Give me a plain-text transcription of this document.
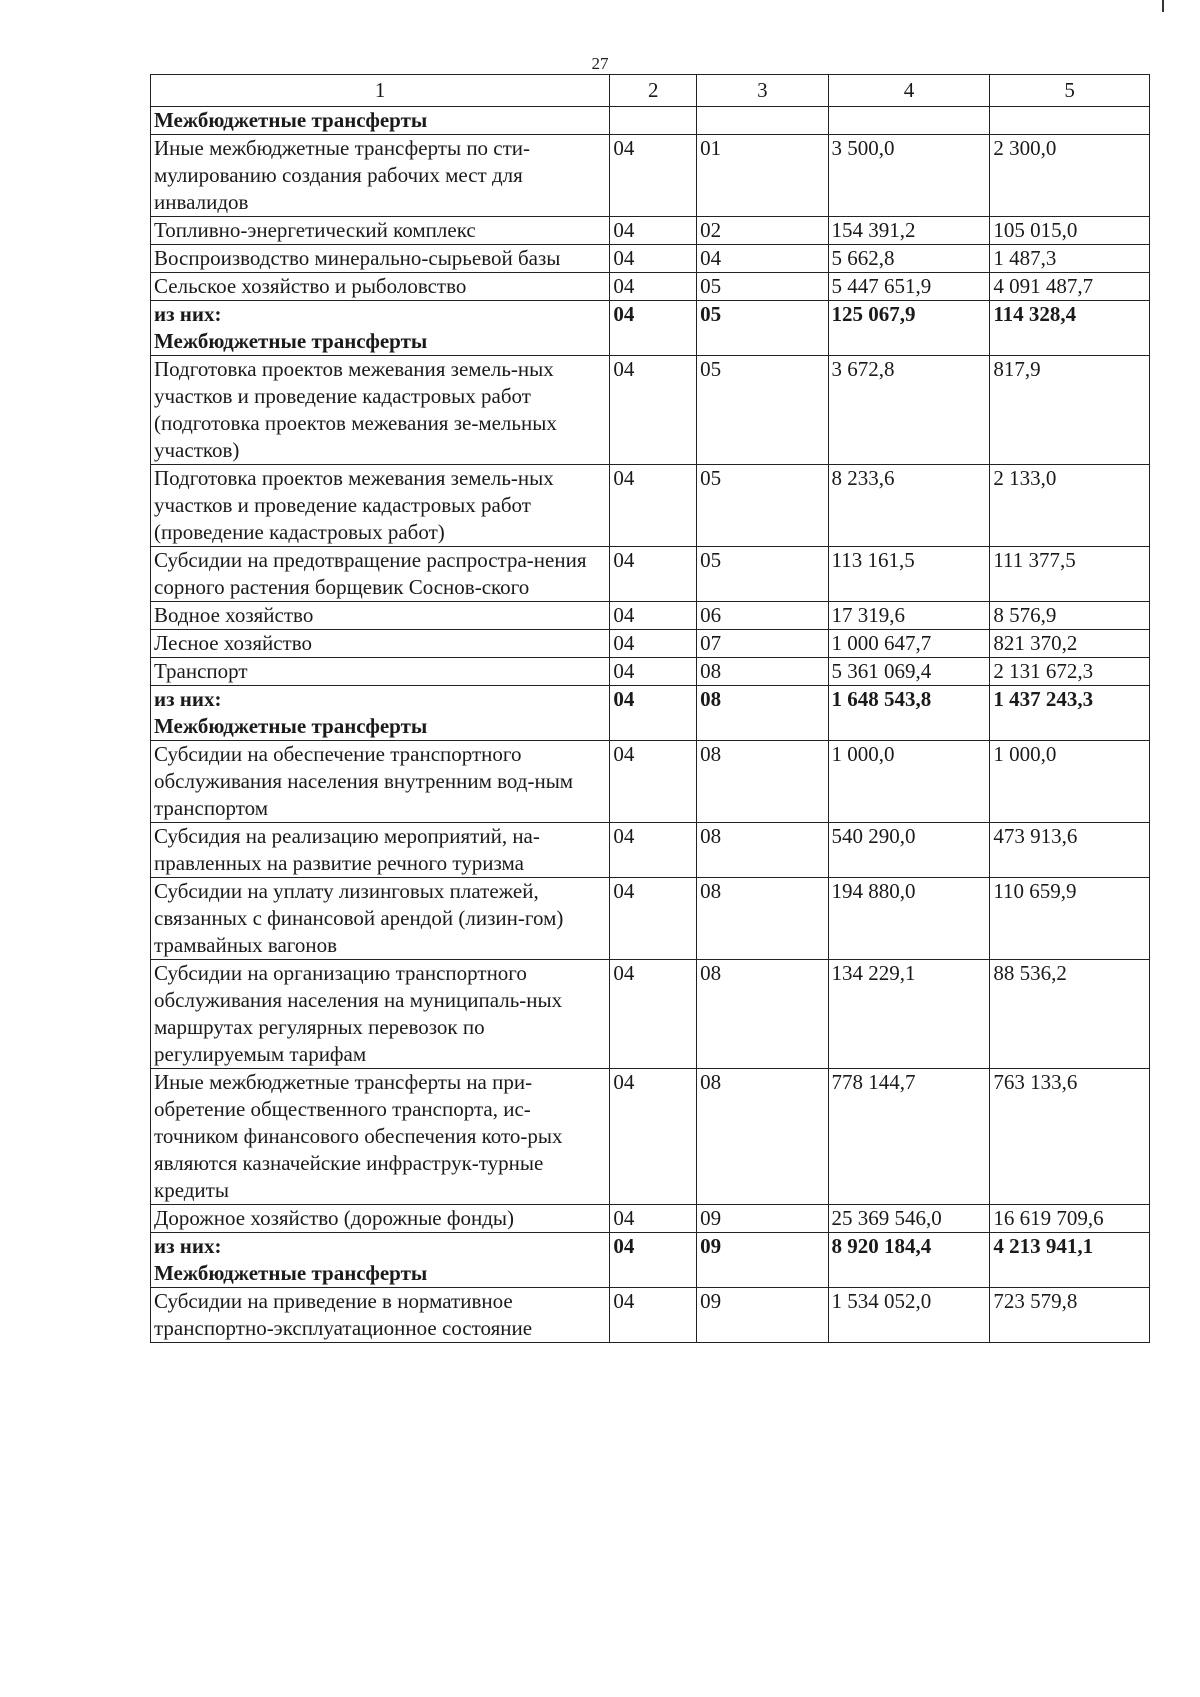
27
1	2	3	4	5
Межбюджетные трансферты				
Иные межбюджетные трансферты по сти-мулированию создания рабочих мест для инвалидов	04	01	3 500,0	2 300,0
Топливно-энергетический комплекс	04	02	154 391,2	105 015,0
Воспроизводство минерально-сырьевой базы	04	04	5 662,8	1 487,3
Сельское хозяйство и рыболовство	04	05	5 447 651,9	4 091 487,7
из них:
Межбюджетные трансферты	04	05	125 067,9	114 328,4
Подготовка проектов межевания земель-ных участков и проведение кадастровых работ (подготовка проектов межевания зе-мельных участков)	04	05	3 672,8	817,9
Подготовка проектов межевания земель-ных участков и проведение кадастровых работ (проведение кадастровых работ)	04	05	8 233,6	2 133,0
Субсидии на предотвращение распростра-нения сорного растения борщевик Соснов-ского	04	05	113 161,5	111 377,5
Водное хозяйство	04	06	17 319,6	8 576,9
Лесное хозяйство	04	07	1 000 647,7	821 370,2
Транспорт	04	08	5 361 069,4	2 131 672,3
из них:
Межбюджетные трансферты	04	08	1 648 543,8	1 437 243,3
Субсидии на обеспечение транспортного обслуживания населения внутренним вод-ным транспортом	04	08	1 000,0	1 000,0
Субсидия на реализацию мероприятий, на-правленных на развитие речного туризма	04	08	540 290,0	473 913,6
Субсидии на уплату лизинговых платежей, связанных с финансовой арендой (лизин-гом) трамвайных вагонов	04	08	194 880,0	110 659,9
Субсидии на организацию транспортного обслуживания населения на муниципаль-ных маршрутах регулярных перевозок по регулируемым тарифам	04	08	134 229,1	88 536,2
Иные межбюджетные трансферты на при-обретение общественного транспорта, ис-точником финансового обеспечения кото-рых являются казначейские инфраструк-турные кредиты	04	08	778 144,7	763 133,6
Дорожное хозяйство (дорожные фонды)	04	09	25 369 546,0	16 619 709,6
из них:
Межбюджетные трансферты	04	09	8 920 184,4	4 213 941,1
Субсидии на приведение в нормативное транспортно-эксплуатационное состояние	04	09	1 534 052,0	723 579,8
